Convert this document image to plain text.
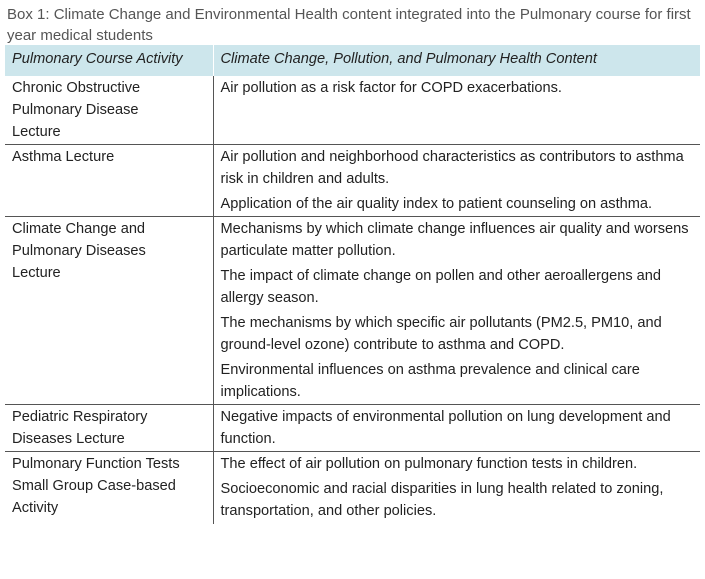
Box 1: Climate Change and Environmental Health content integrated into the Pulmonary course for first year medical students
Pulmonary Course Activity	Climate Change, Pollution, and Pulmonary Health Content

Chronic Obstructive Pulmonary Disease Lecture	Air pollution as a risk factor for COPD exacerbations.

Asthma Lecture	Air pollution and neighborhood characteristics as contributors to asthma risk in children and adults.

Application of the air quality index to patient counseling on asthma.

Climate Change and Pulmonary Diseases Lecture	Mechanisms by which climate change influences air quality and worsens particulate matter pollution.

The impact of climate change on pollen and other aeroallergens and allergy season.

The mechanisms by which specific air pollutants (PM2.5, PM10, and ground-level ozone) contribute to asthma and COPD.

Environmental influences on asthma prevalence and clinical care implications.

Pediatric Respiratory Diseases Lecture	Negative impacts of environmental pollution on lung development and function.

Pulmonary Function Tests Small Group Case-based Activity	The effect of air pollution on pulmonary function tests in children.

Socioeconomic and racial disparities in lung health related to zoning, transportation, and other policies.
